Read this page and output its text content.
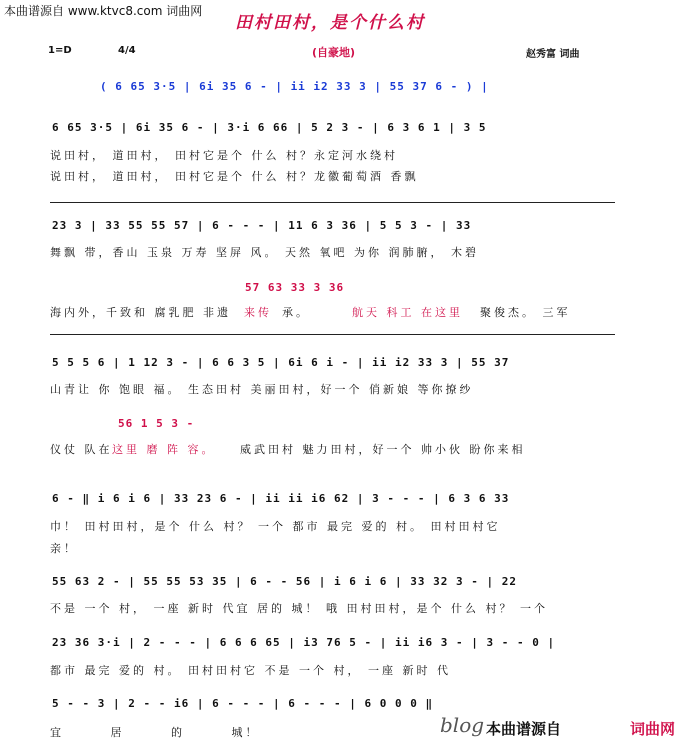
本曲谱源自 www.ktvc8.com 词曲网
田村田村，是个什么村
1=D	4/4	(自豪地)	赵秀富 词曲
( 6 65 3·5 | 6i 35 6 - | ii i2 33 3 | 55 37 6 - ) |
6 65 3·5 | 6i 35 6 - | 3·i 6 66 | 5 2 3 - | 6 3 6 1 | 3 5
说田村， 道田村， 田村它是个 什么 村？永定河水绕村
说田村， 道田村， 田村它是个 什么 村？龙徽葡萄酒 香飘
23 3 | 33 55 55 57 | 6 - - - | 11 6 3 36 | 5 5 3 - | 33
舞飘 带，香山 玉泉 万寿 坚屏 风。 天然 氧吧 为你 润肺腑， 木碧
57 63 33 3 36
海内外，千致和 腐乳肥 非遗 来传 承。	航天 科工 在这里 聚俊杰。 三军
5 5 5 6 | 1 12 3 - | 6 6 3 5 | 6i 6 i - | ii i2 33 3 | 55 37
山青让 你 饱眼 福。 生态田村 美丽田村，好一个 俏新娘 等你撩纱
56 1 5 3 -
仪仗 队在 这里 磨 阵 容。 威武田村 魅力田村，好一个 帅小伙 盼你来相
6 - ‖ i 6 i 6 | 33 23 6 - | ii ii i6 62 | 3 - - - | 6 3 6 33
巾！ 田村田村，是个 什么 村？ 一个 都市 最完 爱的 村。 田村田村它
亲！
55 63 2 - | 55 55 53 35 | 6 - - 56 | i 6 i 6 | 33 32 3 - | 22
不是 一个 村， 一座 新时 代宜 居的 城！ 哦 田村田村，是个 什么 村？ 一个
23 36 3·i | 2 - - - | 6 6 6 65 | i3 76 5 - | ii i6 3 - | 3 - - 0 |
都市 最完 爱的 村。 田村田村它 不是 一个 村， 一座 新时 代
5 - - 3 | 2 - - i6 | 6 - - - | 6 - - - | 6 0 0 0 ‖
宜 居 的 城！	blog 本曲谱源自	词曲网
